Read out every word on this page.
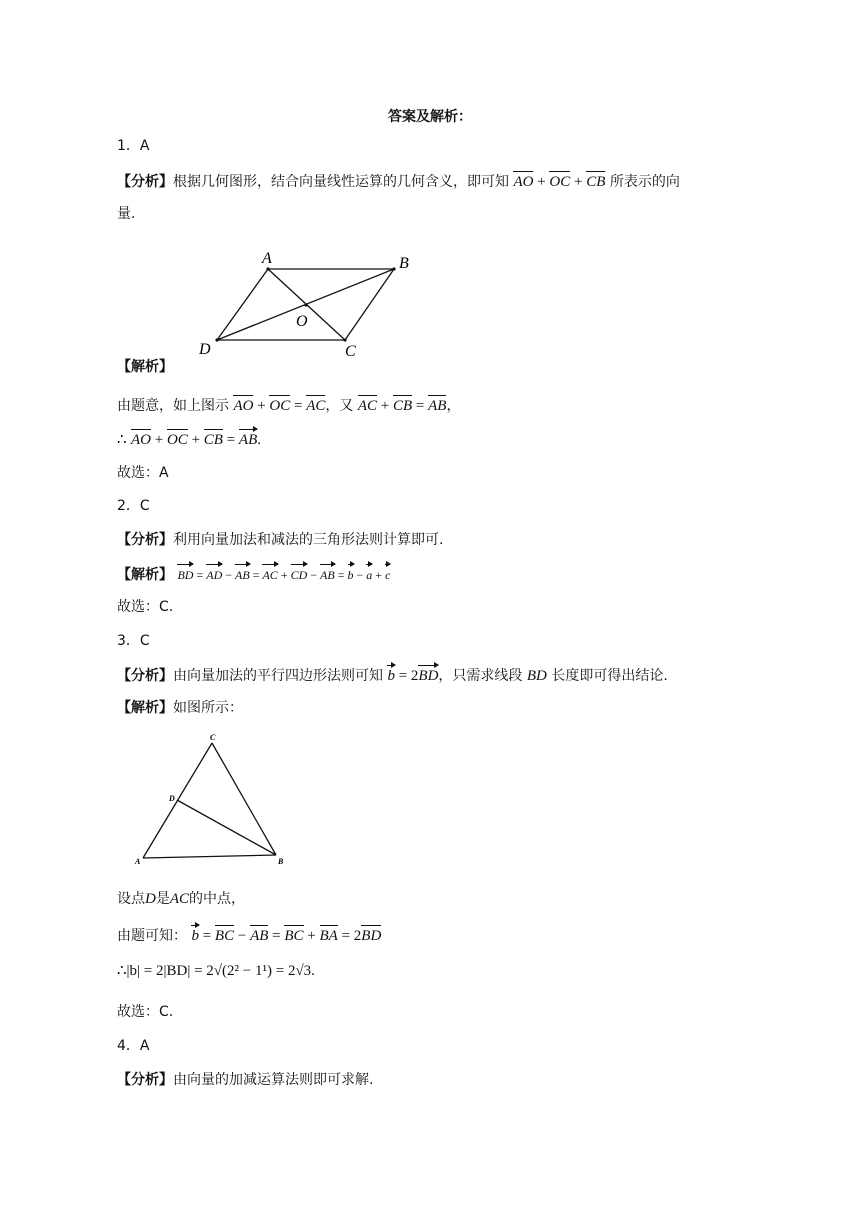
答案及解析：
1．A
【分析】根据几何图形，结合向量线性运算的几何含义，即可知 AO + OC + CB 所表示的向
量.
A	B
C
D
O
【解析】
由题意，如上图示 AO + OC = AC，又 AC + CB = AB，
∴ AO + OC + CB = AB.
故选：A
2．C
【分析】利用向量加法和减法的三角形法则计算即可.
【解析】 BD = AD − AB = AC + CD − AB = b − a + c
故选：C.
3．C
【分析】由向量加法的平行四边形法则可知 b = 2BD，只需求线段 BD 长度即可得出结论.
【解析】如图所示：
C
D
A	B
设点D是AC的中点，
由题可知： b = BC − AB = BC + BA = 2BD
∴|b| = 2|BD| = 2√(2² − 1¹) = 2√3.
故选：C.
4．A
【分析】由向量的加减运算法则即可求解.
